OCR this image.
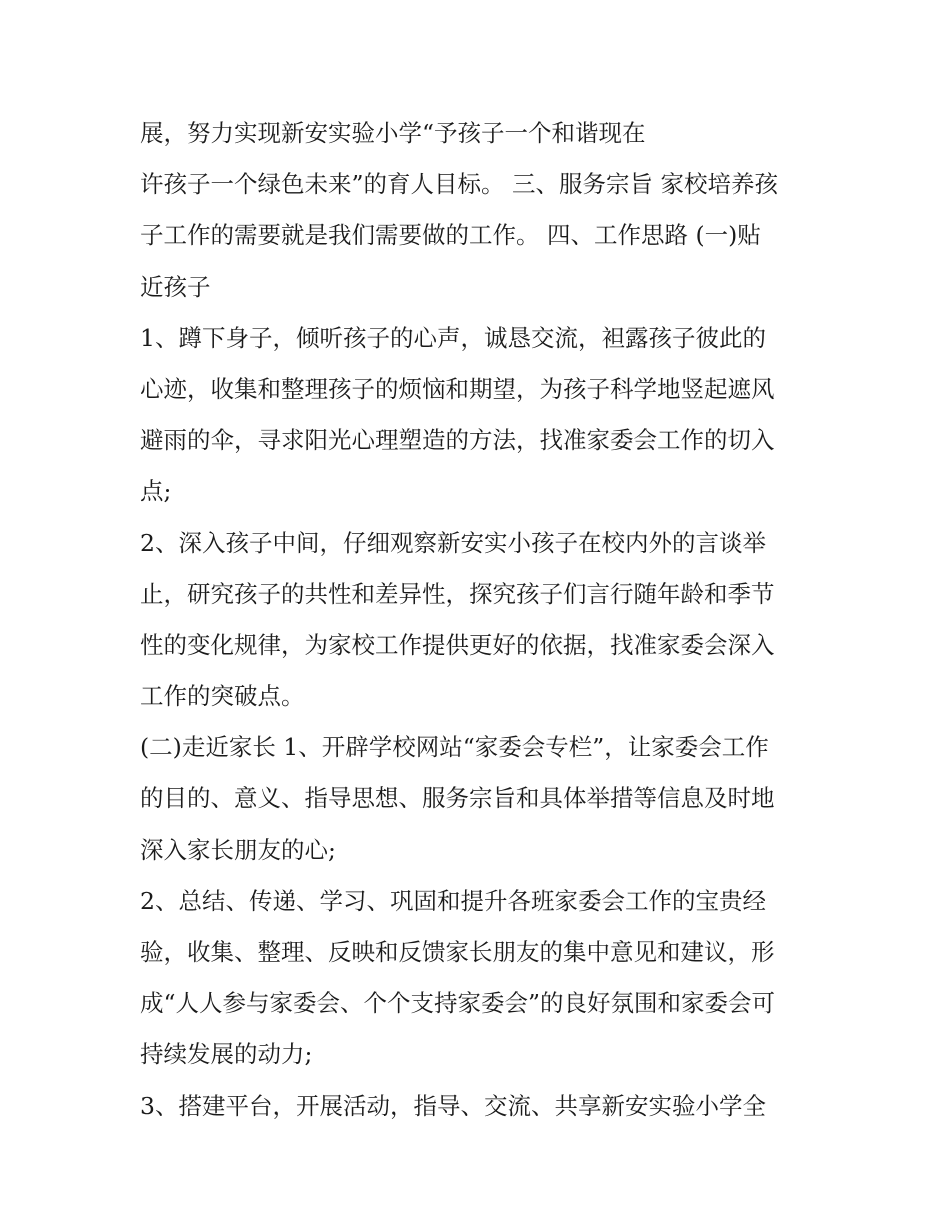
展，努力实现新安实验小学“予孩子一个和谐现在
许孩子一个绿色未来”的育人目标。 三、服务宗旨 家校培养孩
子工作的需要就是我们需要做的工作。 四、工作思路 (一)贴
近孩子
1、蹲下身子，倾听孩子的心声，诚恳交流，袒露孩子彼此的
心迹，收集和整理孩子的烦恼和期望，为孩子科学地竖起遮风
避雨的伞，寻求阳光心理塑造的方法，找准家委会工作的切入
点;
2、深入孩子中间，仔细观察新安实小孩子在校内外的言谈举
止，研究孩子的共性和差异性，探究孩子们言行随年龄和季节
性的变化规律，为家校工作提供更好的依据，找准家委会深入
工作的突破点。
(二)走近家长 1、开辟学校网站“家委会专栏”，让家委会工作
的目的、意义、指导思想、服务宗旨和具体举措等信息及时地
深入家长朋友的心;
2、总结、传递、学习、巩固和提升各班家委会工作的宝贵经
验，收集、整理、反映和反馈家长朋友的集中意见和建议，形
成“人人参与家委会、个个支持家委会”的良好氛围和家委会可
持续发展的动力;
3、搭建平台，开展活动，指导、交流、共享新安实验小学全
